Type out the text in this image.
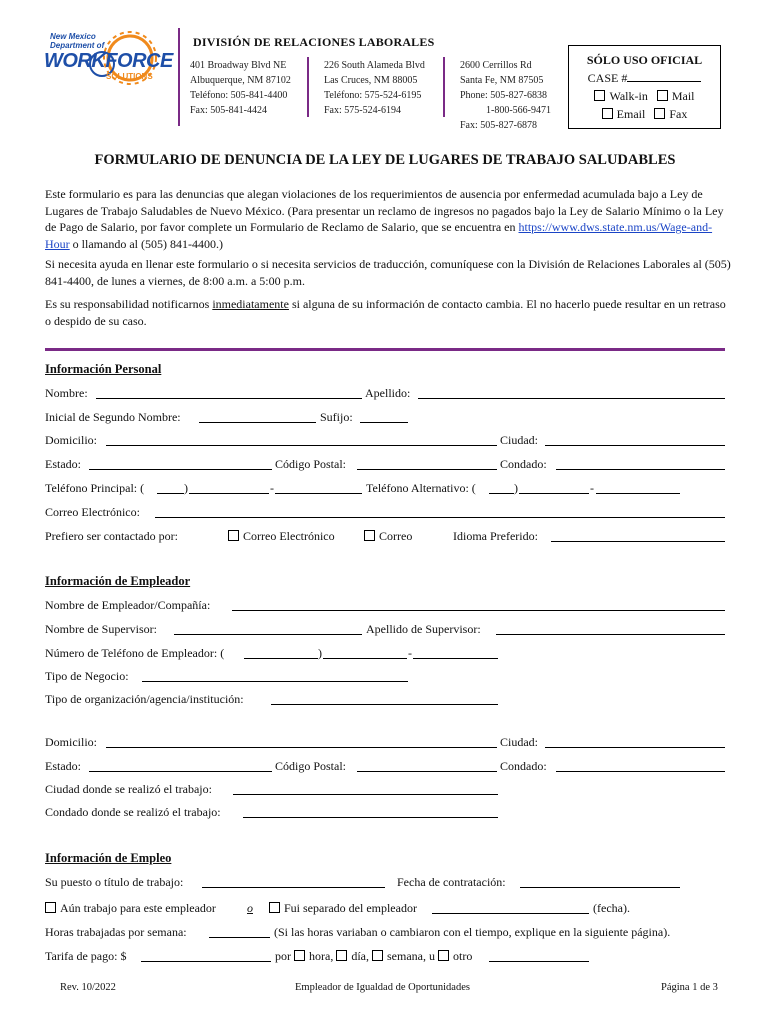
New Mexico
Department of
WORKFORCE
SOLUTIONS
DIVISIÓN DE RELACIONES LABORALES
401 Broadway Blvd NE
Albuquerque, NM 87102
Teléfono: 505-841-4400
Fax: 505-841-4424
226 South Alameda Blvd
Las Cruces, NM 88005
Teléfono: 575-524-6195
Fax: 575-524-6194
2600 Cerrillos Rd
Santa Fe, NM 87505
Phone: 505-827-6838
1-800-566-9471
Fax: 505-827-6878
SÓLO USO OFICIAL
CASE #
Walk-in Mail
Email Fax
FORMULARIO DE DENUNCIA DE LA LEY DE LUGARES DE TRABAJO SALUDABLES
Este formulario es para las denuncias que alegan violaciones de los requerimientos de ausencia por enfermedad acumulada bajo a Ley de Lugares de Trabajo Saludables de Nuevo México. (Para presentar un reclamo de ingresos no pagados bajo la Ley de Salario Mínimo o la Ley de Pago de Salario, por favor complete un Formulario de Reclamo de Salario, que se encuentra en https://www.dws.state.nm.us/Wage-and-Hour o llamando al (505) 841-4400.)
Si necesita ayuda en llenar este formulario o si necesita servicios de traducción, comuníquese con la División de Relaciones Laborales al (505) 841-4400, de lunes a viernes, de 8:00 a.m. a 5:00 p.m.
Es su responsabilidad notificarnos inmediatamente si alguna de su información de contacto cambia. El no hacerlo puede resultar en un retraso o despido de su caso.
Información Personal
Nombre:	Apellido:
Inicial de Segundo Nombre:	Sufijo:
Domicilio:	Ciudad:
Estado:	Código Postal:	Condado:
Teléfono Principal: (	)	-	Teléfono Alternativo: (	)	-
Correo Electrónico:
Prefiero ser contactado por:	Correo Electrónico	Correo	Idioma Preferido:
Información de Empleador
Nombre de Empleador/Compañía:
Nombre de Supervisor:	Apellido de Supervisor:
Número de Teléfono de Empleador: (	)	-
Tipo de Negocio:
Tipo de organización/agencia/institución:
Domicilio:	Ciudad:
Estado:	Código Postal:	Condado:
Ciudad donde se realizó el trabajo:
Condado donde se realizó el trabajo:
Información de Empleo
Su puesto o título de trabajo:	Fecha de contratación:
Aún trabajo para este empleador	o	Fui separado del empleador	(fecha).
Horas trabajadas por semana:	(Si las horas variaban o cambiaron con el tiempo, explique en la siguiente página).
Tarifa de pago: $	por hora, día, semana, u otro
Rev. 10/2022	Empleador de Igualdad de Oportunidades	Página 1 de 3
